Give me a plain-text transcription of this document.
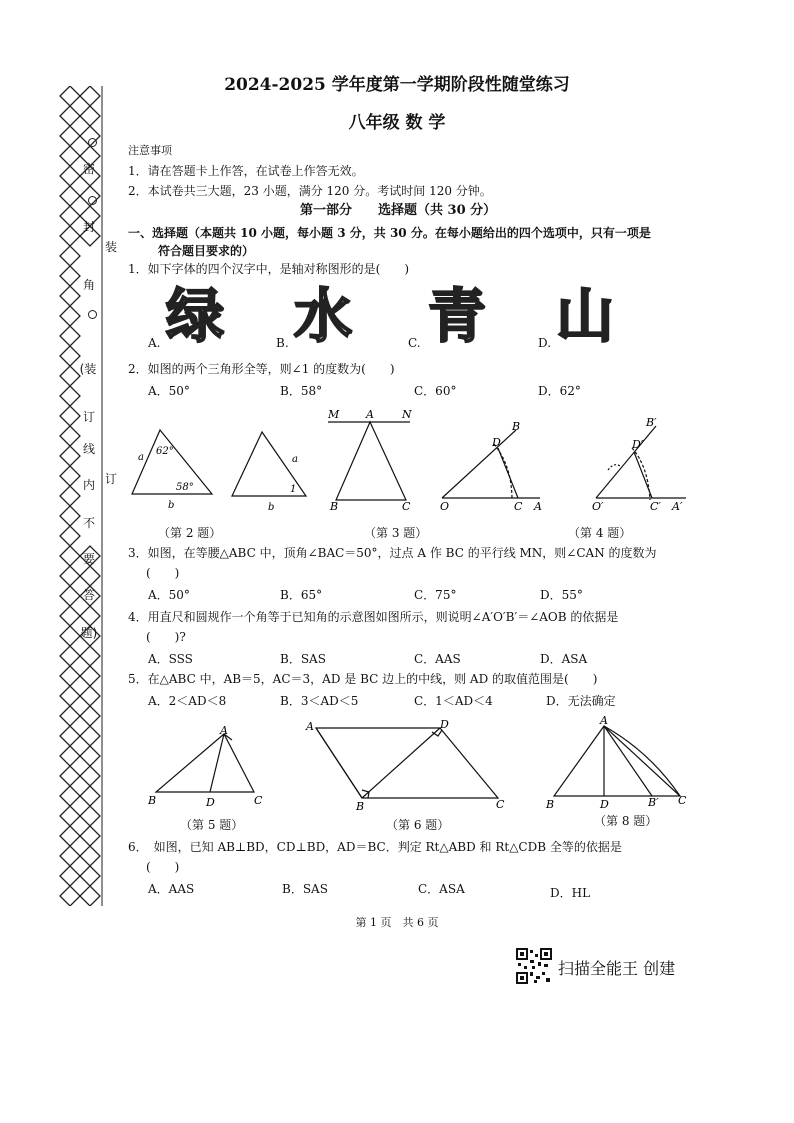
2024-2025 学年度第一学期阶段性随堂练习
八年级 数 学
密
封
角
(装
订
线
内
不
要
答
题)
装
订
注意事项
1．请在答题卡上作答，在试卷上作答无效。
2．本试卷共三大题，23 小题，满分 120 分。考试时间 120 分钟。
第一部分　　选择题（共 30 分）
一、选择题（本题共 10 小题，每小题 3 分，共 30 分。在每小题给出的四个选项中，只有一项是
符合题目要求的）
1．如下字体的四个汉字中，是轴对称图形的是(　　)
A. 绿	B. 水	C. 青	D. 山
2．如图的两个三角形全等，则∠1 的度数为(　　)
A．50°	B．58°	C．60°	D．62°
a
62°
58°
b
a
1
b
M A	N
B	C
B
D
O	C A
B′
D′
O′	C′ A′
（第 2 题）	（第 3 题）	（第 4 题）
3．如图，在等腰△ABC 中，顶角∠BAC＝50°，过点 A 作 BC 的平行线 MN，则∠CAN 的度数为
(　　)
A．50°	B．65°	C．75°	D．55°
4．用直尺和圆规作一个角等于已知角的示意图如图所示，则说明∠A′O′B′＝∠AOB 的依据是
(　　)?
A．SSS	B．SAS	C．AAS	D．ASA
5．在△ABC 中，AB＝5，AC＝3，AD 是 BC 边上的中线，则 AD 的取值范围是(　　)
A．2＜AD＜8	B．3＜AD＜5	C．1＜AD＜4	D．无法确定
A
B	D	C
A	D
B	C
A
B	D	B′ C
（第 5 题）	（第 6 题）	（第 8 题）
6．　如图，已知 AB⊥BD，CD⊥BD，AD＝BC．判定 Rt△ABD 和 Rt△CDB 全等的依据是
(　　)
A．AAS	B．SAS	C．ASA	D．HL
第 1 页　共 6 页
扫描全能王 创建
